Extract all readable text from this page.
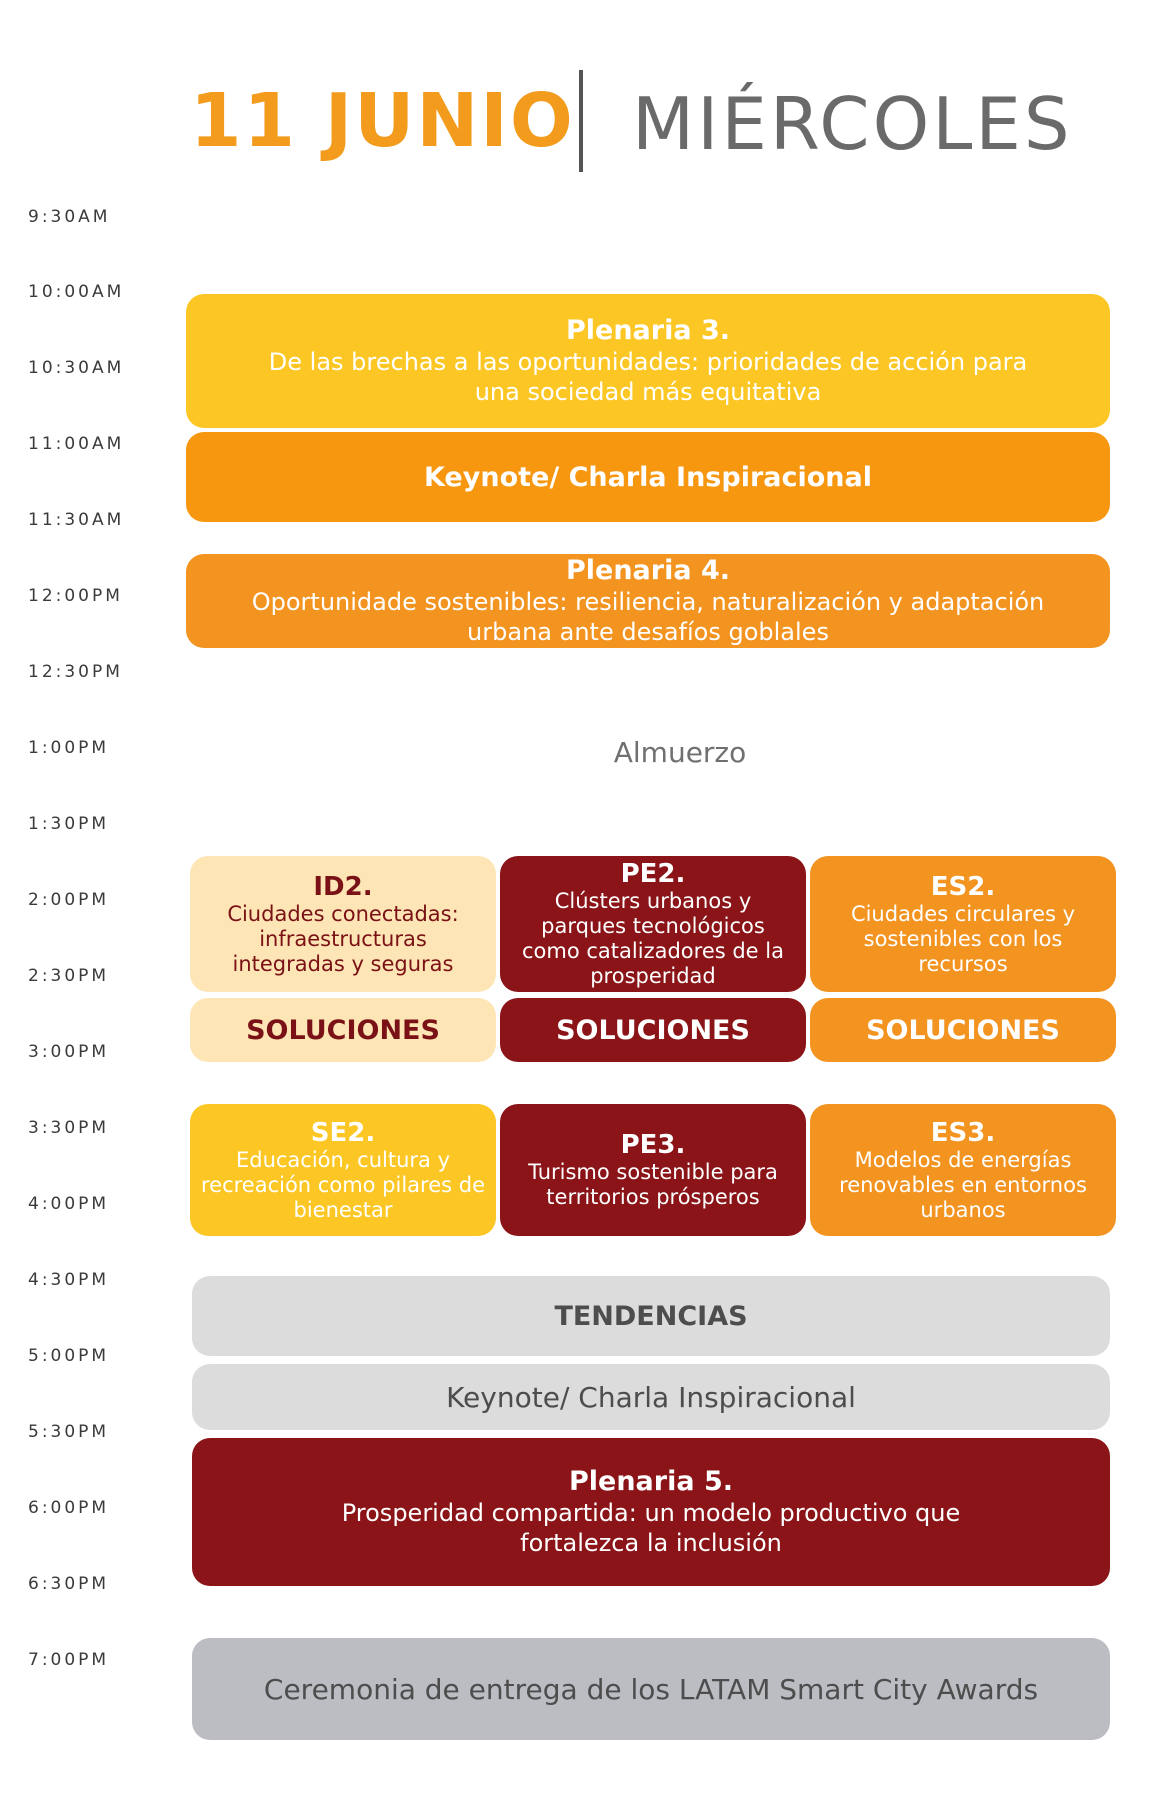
11 JUNIO MIÉRCOLES
9:30AM
10:00AM
10:30AM
11:00AM
11:30AM
12:00PM
12:30PM
1:00PM
1:30PM
2:00PM
2:30PM
3:00PM
3:30PM
4:00PM
4:30PM
5:00PM
5:30PM
6:00PM
6:30PM
7:00PM
Plenaria 3.
De las brechas a las oportunidades: prioridades de acción para una sociedad más equitativa
Keynote/ Charla Inspiracional
Plenaria 4.
Oportunidade sostenibles: resiliencia, naturalización y adaptación urbana ante desafíos goblales
Almuerzo
ID2.
Ciudades conectadas: infraestructuras integradas y seguras
PE2.
Clústers urbanos y parques tecnológicos como catalizadores de la prosperidad
ES2.
Ciudades circulares y sostenibles con los recursos
SOLUCIONES	SOLUCIONES	SOLUCIONES
SE2.
Educación, cultura y recreación como pilares de bienestar
PE3.
Turismo sostenible para territorios prósperos
ES3.
Modelos de energías renovables en entornos urbanos
TENDENCIAS
Keynote/ Charla Inspiracional
Plenaria 5.
Prosperidad compartida: un modelo productivo que fortalezca la inclusión
Ceremonia de entrega de los LATAM Smart City Awards
